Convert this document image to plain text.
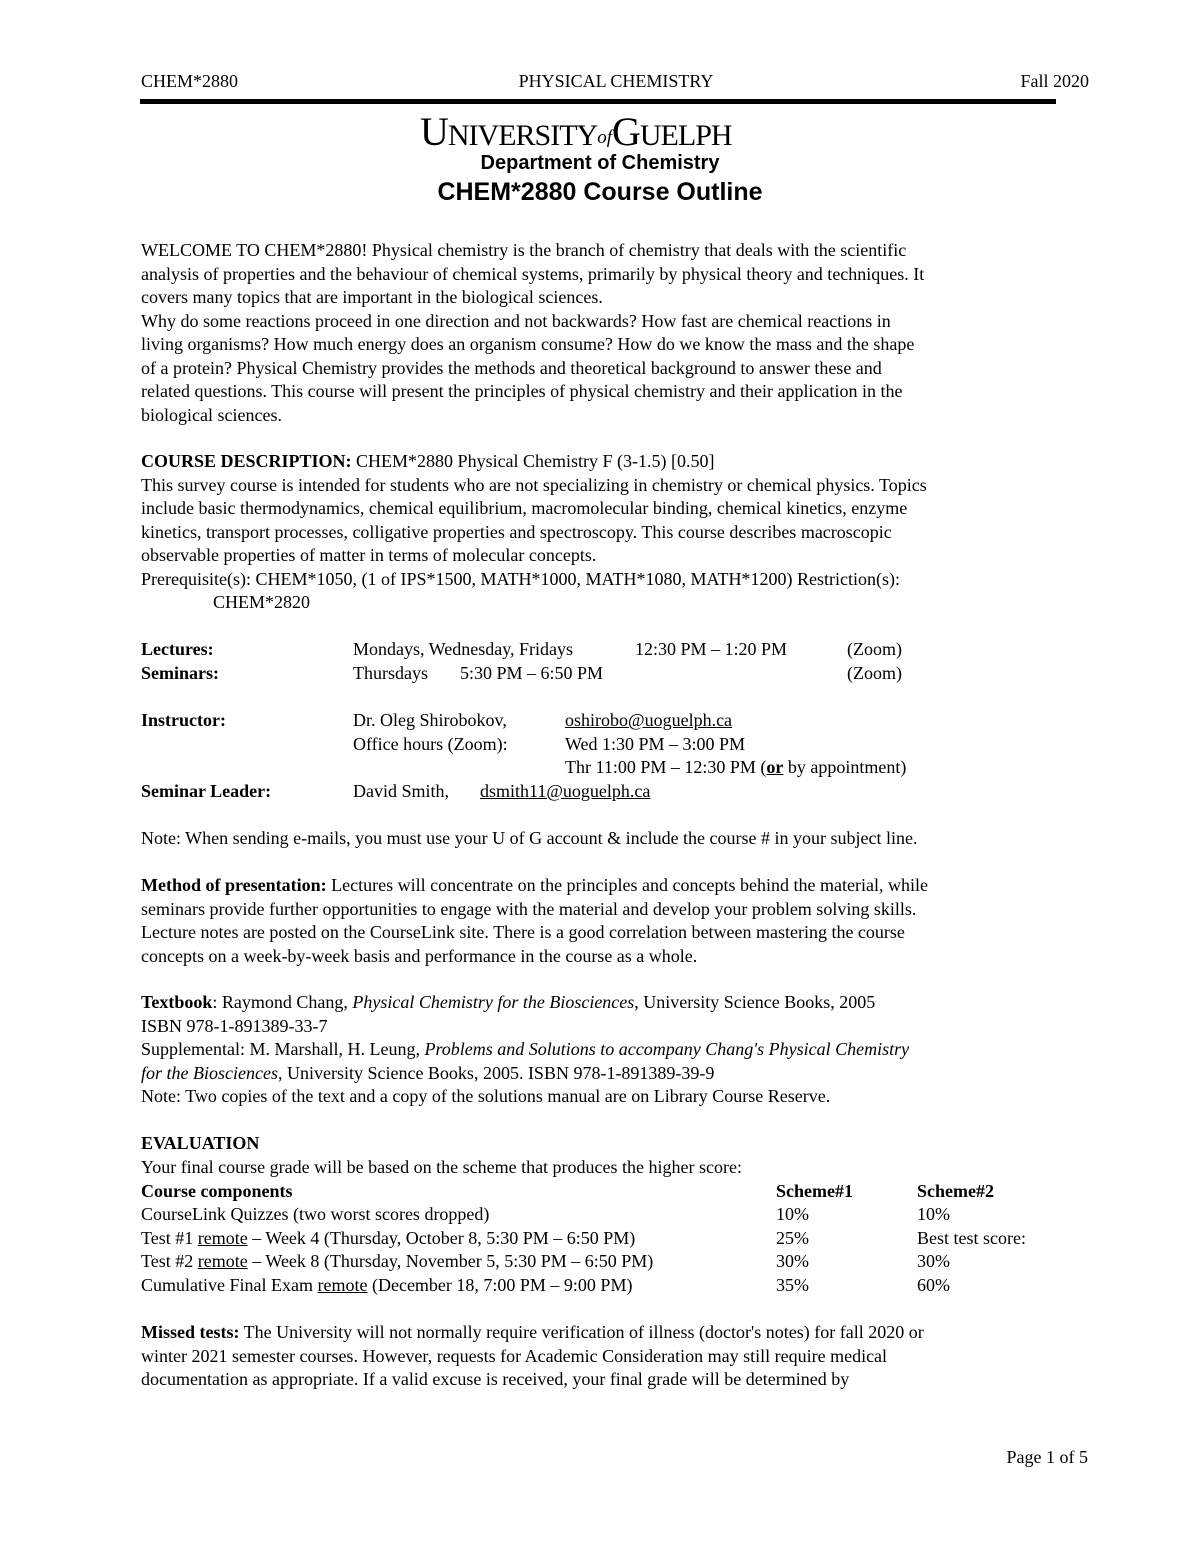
CHEM*2880	PHYSICAL CHEMISTRY	Fall 2020
UNIVERSITYofGUELPH
Department of Chemistry
CHEM*2880 Course Outline

WELCOME TO CHEM*2880! Physical chemistry is the branch of chemistry that deals with the scientific

analysis of properties and the behaviour of chemical systems, primarily by physical theory and techniques. It

covers many topics that are important in the biological sciences.

Why do some reactions proceed in one direction and not backwards? How fast are chemical reactions in

living organisms? How much energy does an organism consume? How do we know the mass and the shape

of a protein? Physical Chemistry provides the methods and theoretical background to answer these and

related questions. This course will present the principles of physical chemistry and their application in the

biological sciences.

COURSE DESCRIPTION: CHEM*2880 Physical Chemistry F (3-1.5) [0.50]

This survey course is intended for students who are not specializing in chemistry or chemical physics. Topics

include basic thermodynamics, chemical equilibrium, macromolecular binding, chemical kinetics, enzyme

kinetics, transport processes, colligative properties and spectroscopy. This course describes macroscopic

observable properties of matter in terms of molecular concepts.

Prerequisite(s): CHEM*1050, (1 of IPS*1500, MATH*1000, MATH*1080, MATH*1200) Restriction(s):

CHEM*2820

Lectures:	Mondays, Wednesday, Fridays	12:30 PM – 1:20 PM	(Zoom)
Seminars:	Thursdays 5:30 PM – 6:50 PM	(Zoom)
Instructor:	Dr. Oleg Shirobokov,	oshirobo@uoguelph.ca
Office hours (Zoom):	Wed 1:30 PM – 3:00 PM
Thr 11:00 PM – 12:30 PM (or by appointment)
Seminar Leader:	David Smith, dsmith11@uoguelph.ca
Note: When sending e-mails, you must use your U of G account & include the course # in your subject line.

Method of presentation: Lectures will concentrate on the principles and concepts behind the material, while

seminars provide further opportunities to engage with the material and develop your problem solving skills.

Lecture notes are posted on the CourseLink site. There is a good correlation between mastering the course

concepts on a week-by-week basis and performance in the course as a whole.

Textbook: Raymond Chang, Physical Chemistry for the Biosciences, University Science Books, 2005

ISBN 978-1-891389-33-7

Supplemental: M. Marshall, H. Leung, Problems and Solutions to accompany Chang's Physical Chemistry

for the Biosciences, University Science Books, 2005. ISBN 978-1-891389-39-9

Note: Two copies of the text and a copy of the solutions manual are on Library Course Reserve.

EVALUATION
Your final course grade will be based on the scheme that produces the higher score:
Course components	Scheme#1	Scheme#2
CourseLink Quizzes (two worst scores dropped)	10%	10%
Test #1 remote – Week 4 (Thursday, October 8, 5:30 PM – 6:50 PM)	25%	Best test score:
Test #2 remote – Week 8 (Thursday, November 5, 5:30 PM – 6:50 PM)	30%	30%
Cumulative Final Exam remote (December 18, 7:00 PM – 9:00 PM)	35%	60%

Missed tests: The University will not normally require verification of illness (doctor's notes) for fall 2020 or

winter 2021 semester courses. However, requests for Academic Consideration may still require medical

documentation as appropriate. If a valid excuse is received, your final grade will be determined by

Page 1 of 5
